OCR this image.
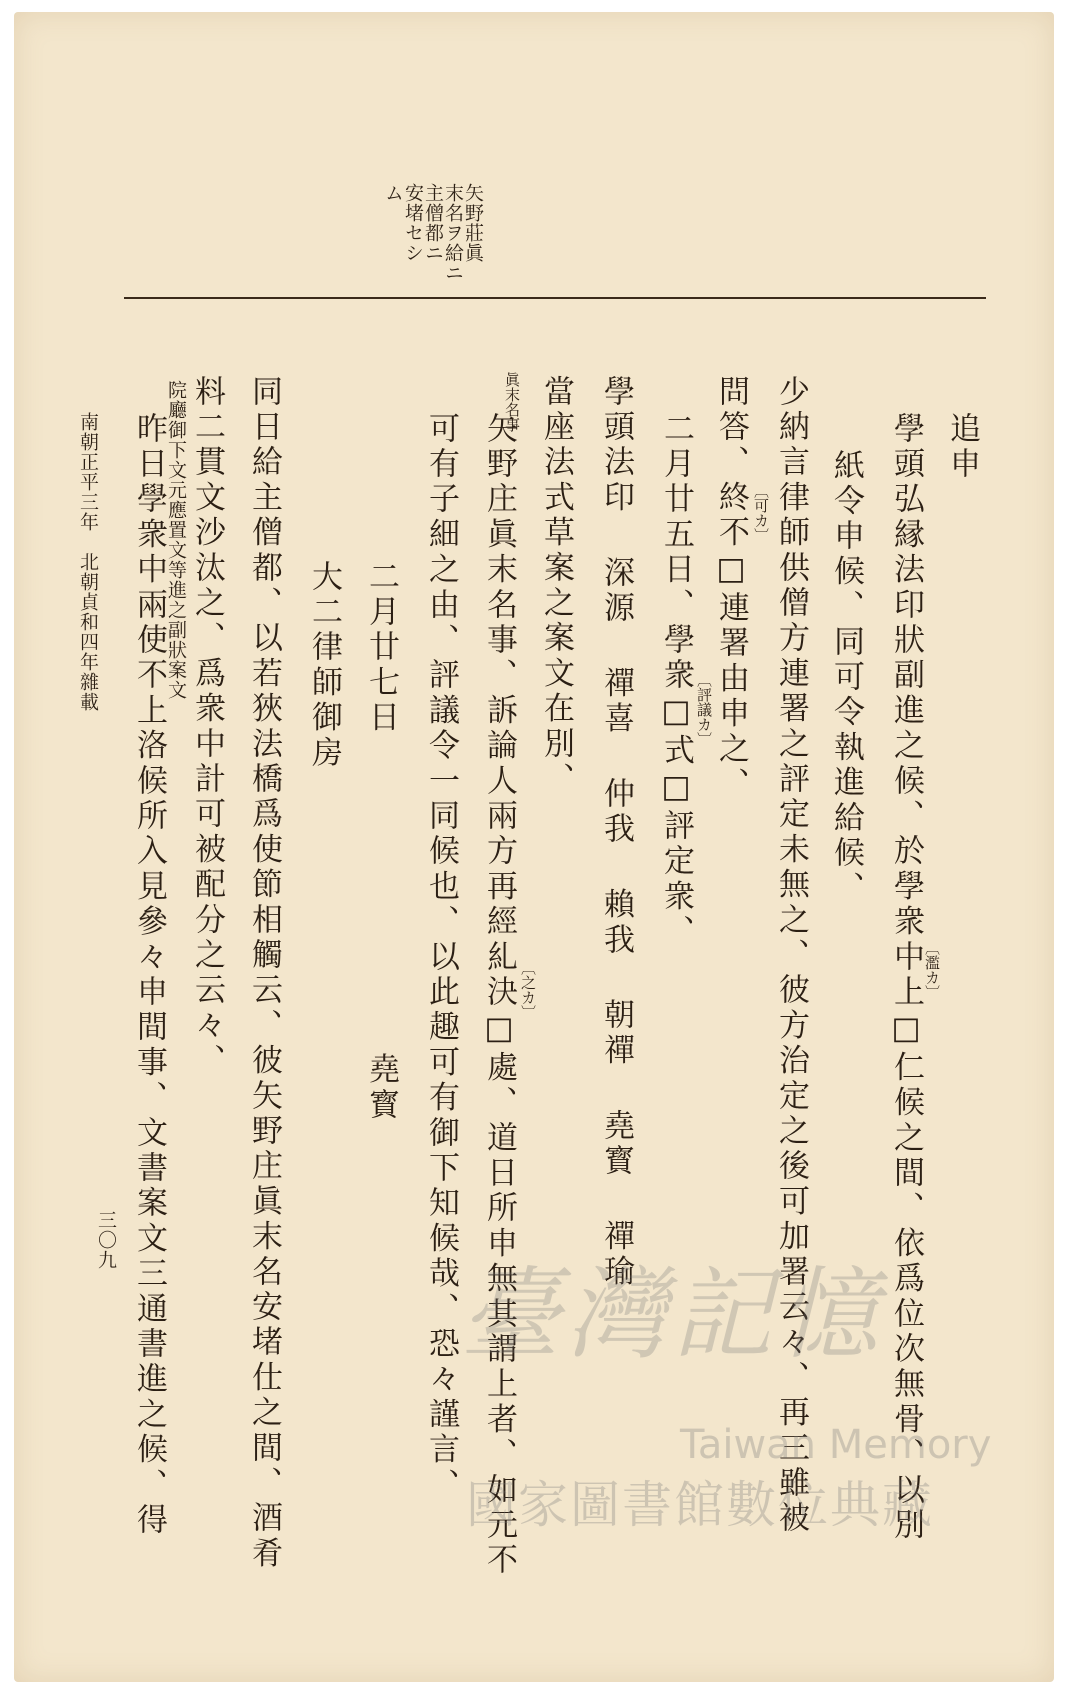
矢野莊眞
末名ヲ給ニ
主僧都ニ
安堵セシ
ム
追申
學頭弘縁法印狀副進之候、於學衆中上□仁候之間、依爲位次無骨、以別 〔濫カ〕
紙令申候、同可令執進給候、
少納言律師供僧方連署之評定未無之、彼方治定之後可加署云々、再三雖被
問答、終不□連署由申之、 〔可カ〕
二月廿五日、學衆□式□評定衆、 〔評議カ〕
學頭法印 深源 禪喜 仲我 賴我 朝禪 堯寳 禪瑜
當座法式草案之案文在別、
眞末名事
矢野庄眞末名事、訴論人兩方再經糺決□處、道日所申無其謂上者、如元不 〔之カ〕
可有子細之由、評議令一同候也、以此趣可有御下知候哉、恐々謹言、
二月廿七日　　　　　　　　　堯寳
大二律師御房
同日給主僧都、以若狹法橋爲使節相觸云、彼矢野庄眞末名安堵仕之間、酒肴
料二貫文沙汰之、爲衆中計可被配分之云々、
院廳御下文元應置文等進之副狀案文
昨日學衆中兩使不上洛候所入見參々申間事、文書案文三通書進之候、得
南朝正平三年　北朝貞和四年雜載
三〇九
臺灣記憶
Taiwan Memory
國家圖書館數位典藏
